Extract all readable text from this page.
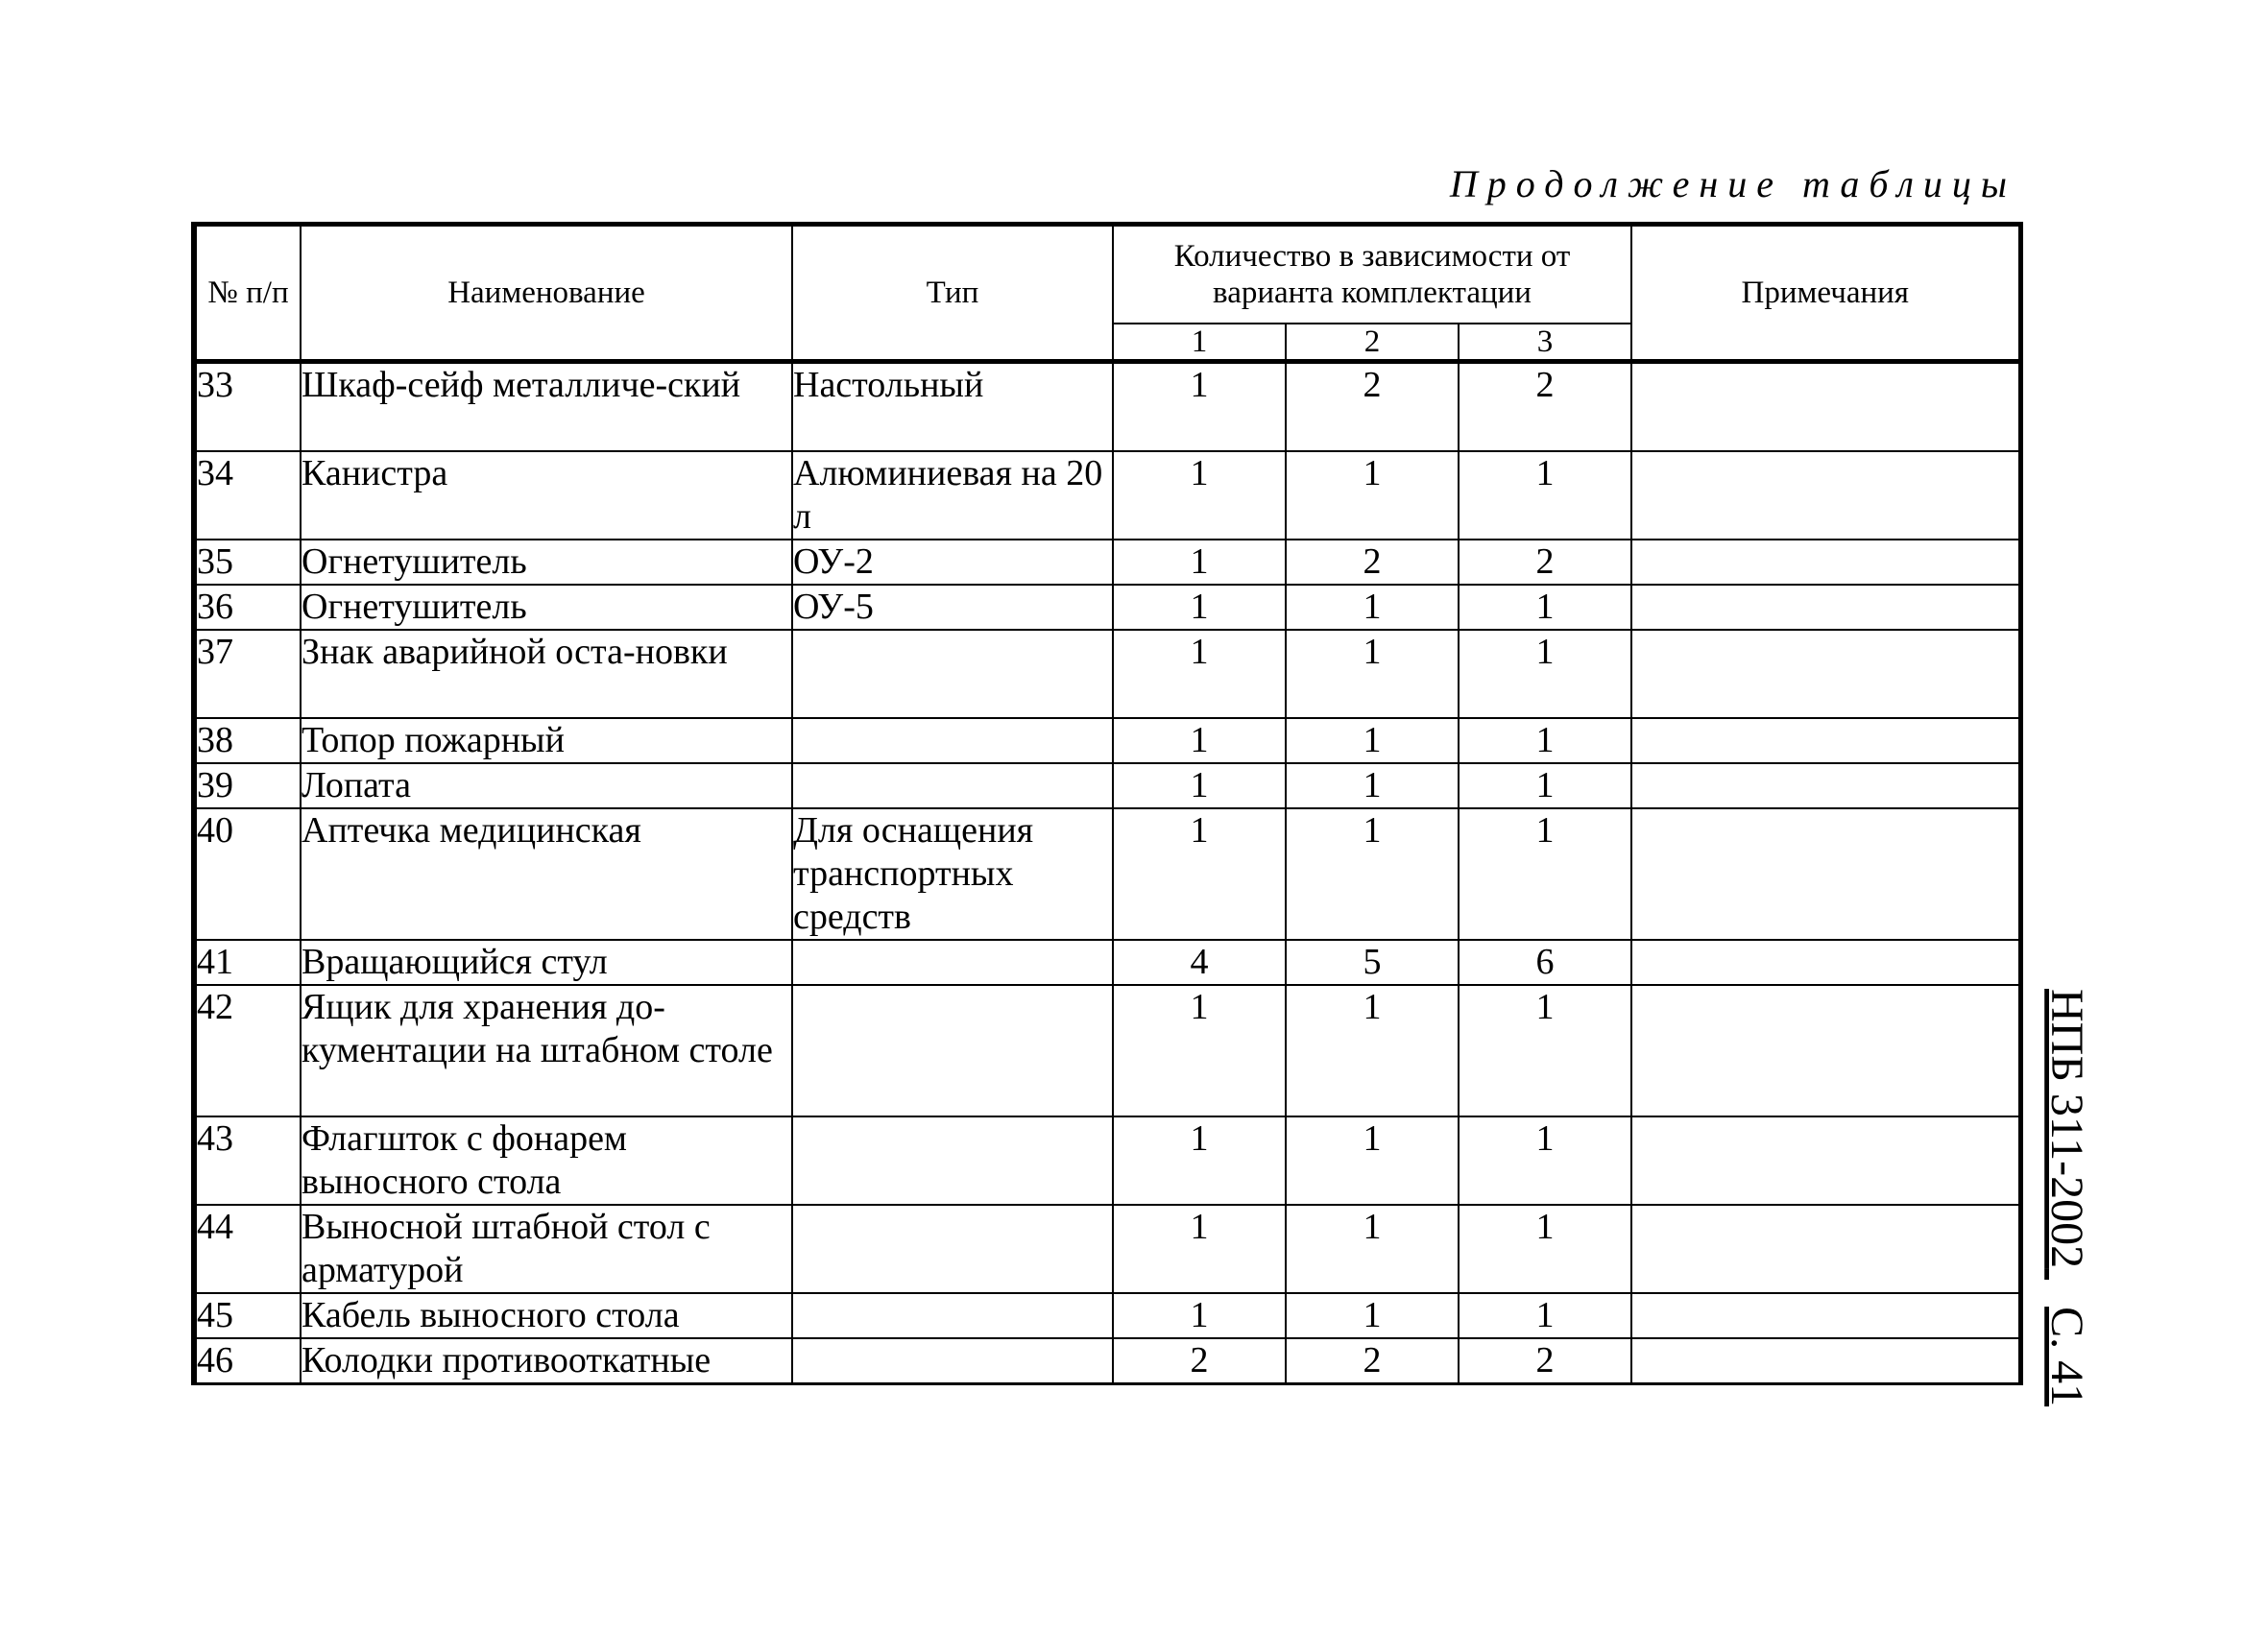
Продолжение таблицы
№ п/п	Наименование	Тип	Количество в зависимости от варианта комплектации			Примечания
			1	2	3	
33	Шкаф-сейф металличе-ский	Настольный	1	2	2	
34	Канистра	Алюминиевая на 20 л	1	1	1	
35	Огнетушитель	ОУ-2	1	2	2	
36	Огнетушитель	ОУ-5	1	1	1	
37	Знак аварийной оста-новки		1	1	1	
38	Топор пожарный		1	1	1	
39	Лопата		1	1	1	
40	Аптечка медицинская	Для оснащения транспортных средств	1	1	1	
41	Вращающийся стул		4	5	6	
42	Ящик для хранения до-кументации на штабном столе		1	1	1	
43	Флагшток с фонарем выносного стола		1	1	1	
44	Выносной штабной стол с арматурой		1	1	1	
45	Кабель выносного стола		1	1	1	
46	Колодки противооткатные		2	2	2	
НПБ 311-2002 С. 41
